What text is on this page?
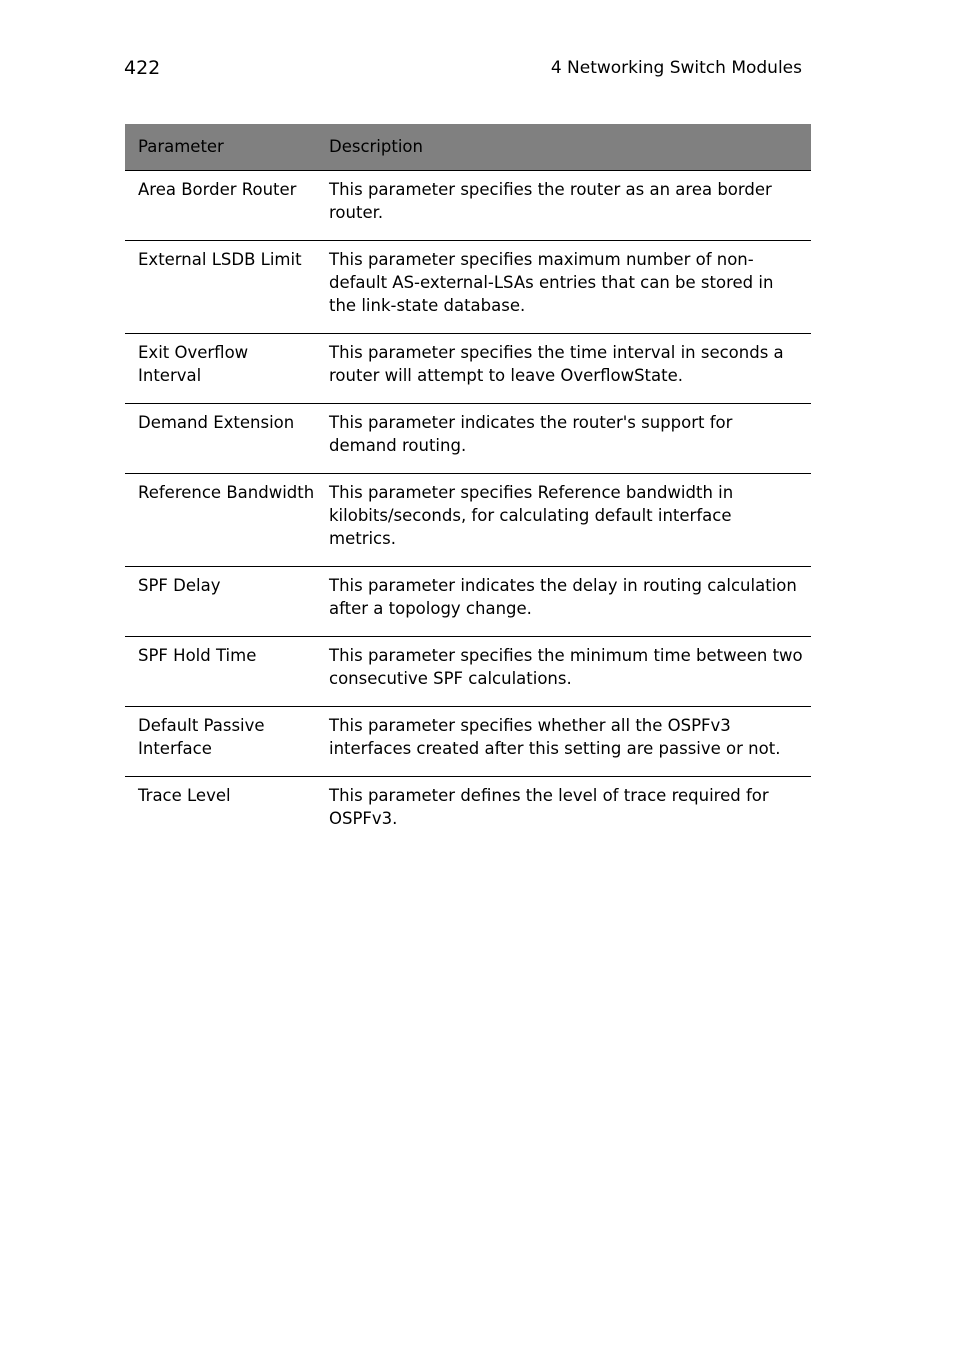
422	4 Networking Switch Modules
Parameter	Description
Area Border Router	This parameter specifies the router as an area border router.
External LSDB Limit	This parameter specifies maximum number of non-default AS-external-LSAs entries that can be stored in the link-state database.
Exit Overflow Interval	This parameter specifies the time interval in seconds a router will attempt to leave OverflowState.
Demand Extension	This parameter indicates the router's support for demand routing.
Reference Bandwidth	This parameter specifies Reference bandwidth in kilobits/seconds, for calculating default interface metrics.
SPF Delay	This parameter indicates the delay in routing calculation after a topology change.
SPF Hold Time	This parameter specifies the minimum time between two consecutive SPF calculations.
Default Passive Interface	This parameter specifies whether all the OSPFv3 interfaces created after this setting are passive or not.
Trace Level	This parameter defines the level of trace required for OSPFv3.
